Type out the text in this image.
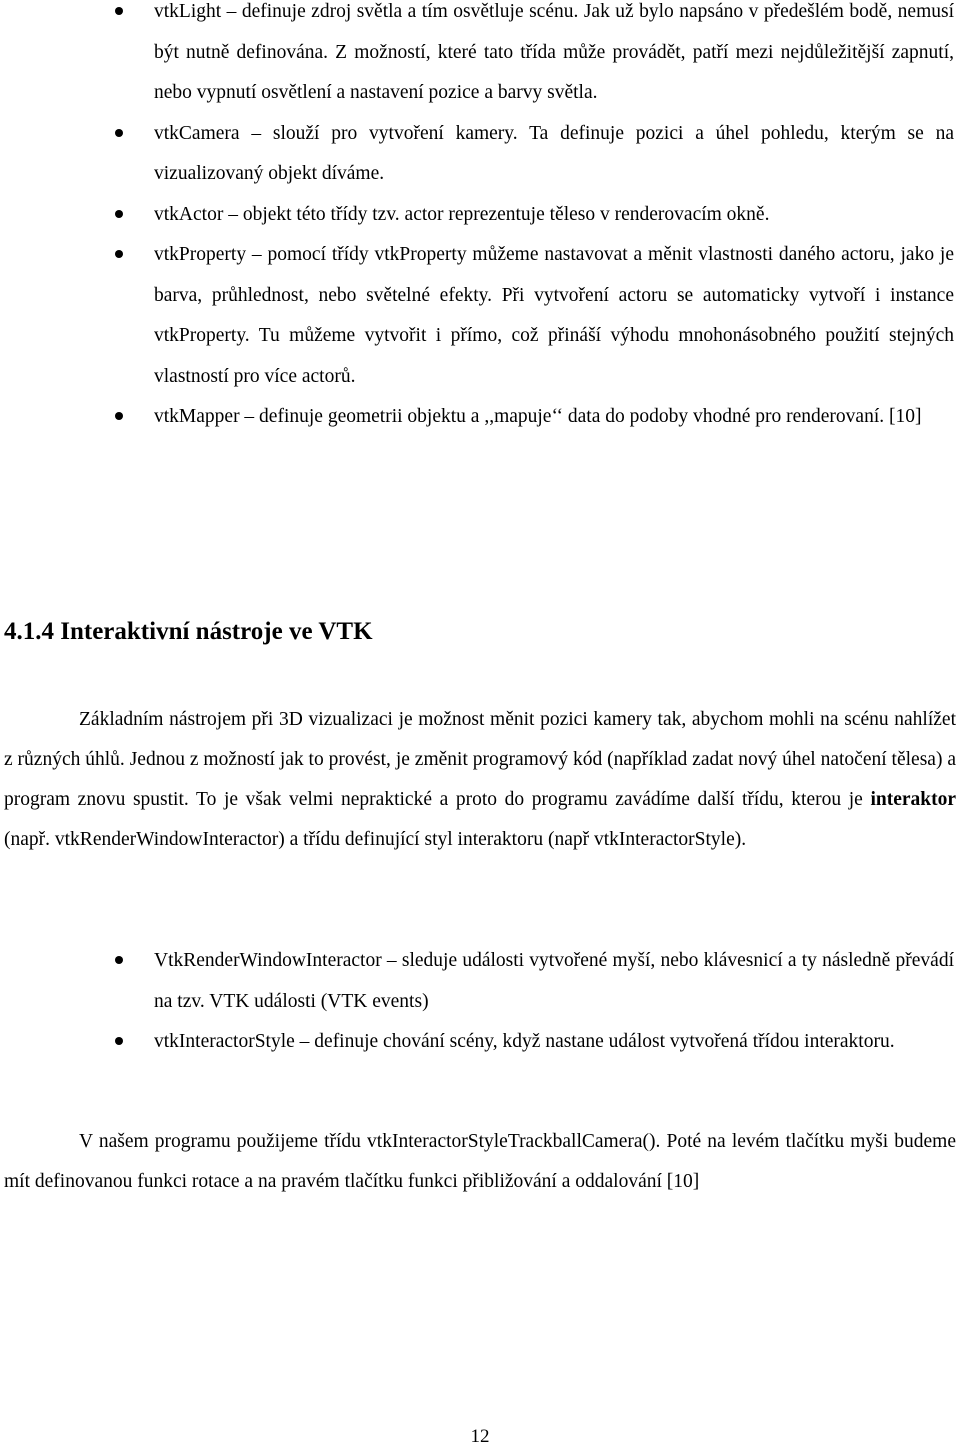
vtkLight – definuje zdroj světla a tím osvětluje scénu. Jak už bylo napsáno v předešlém bodě, nemusí být nutně definována. Z možností, které tato třída může provádět, patří mezi nejdůležitější zapnutí, nebo vypnutí osvětlení a nastavení pozice a barvy světla.
vtkCamera – slouží pro vytvoření kamery. Ta definuje pozici a úhel pohledu, kterým se na vizualizovaný objekt díváme.
vtkActor – objekt této třídy tzv. actor reprezentuje těleso v renderovacím okně.
vtkProperty – pomocí třídy vtkProperty můžeme nastavovat a měnit vlastnosti daného actoru, jako je barva, průhlednost, nebo světelné efekty. Při vytvoření actoru se automaticky vytvoří i instance vtkProperty. Tu můžeme vytvořit i přímo, což přináší výhodu mnohonásobného použití stejných vlastností pro více actorů.
vtkMapper – definuje geometrii objektu a ,,mapuje‘‘ data do podoby vhodné pro renderovaní. [10]
4.1.4 Interaktivní nástroje ve VTK
Základním nástrojem při 3D vizualizaci je možnost měnit pozici kamery tak, abychom mohli na scénu nahlížet z různých úhlů. Jednou z možností jak to provést, je změnit programový kód (například zadat nový úhel natočení tělesa) a program znovu spustit. To je však velmi nepraktické a proto do programu zavádíme další třídu, kterou je interaktor (např. vtkRenderWindowInteractor) a třídu definující styl interaktoru (např vtkInteractorStyle).
VtkRenderWindowInteractor – sleduje události vytvořené myší, nebo klávesnicí a ty následně převádí na tzv. VTK události (VTK events)
vtkInteractorStyle – definuje chování scény, když nastane událost vytvořená třídou interaktoru.
V našem programu použijeme třídu vtkInteractorStyleTrackballCamera(). Poté na levém tlačítku myši budeme mít definovanou funkci rotace a na pravém tlačítku funkci přibližování a oddalování [10]
12
